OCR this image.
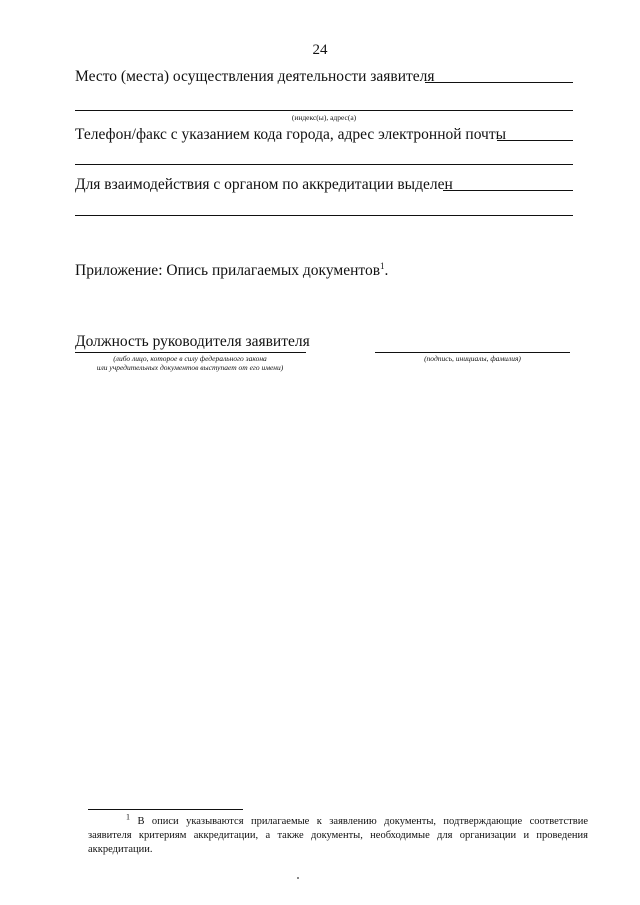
24
Место (места) осуществления деятельности заявителя
(индекс(ы), адрес(а)
Телефон/факс с указанием кода города, адрес электронной почты
Для взаимодействия с органом по аккредитации выделен
Приложение: Опись прилагаемых документов$^1$.
Должность руководителя заявителя
(либо лицо, которое в силу федерального закона
или учредительных документов выступает от его имени)
(подпись, инициалы, фамилия)
$^1$ В описи указываются прилагаемые к заявлению документы, подтверждающие соответствие заявителя критериям аккредитации, а также документы, необходимые для организации и проведения аккредитации.
